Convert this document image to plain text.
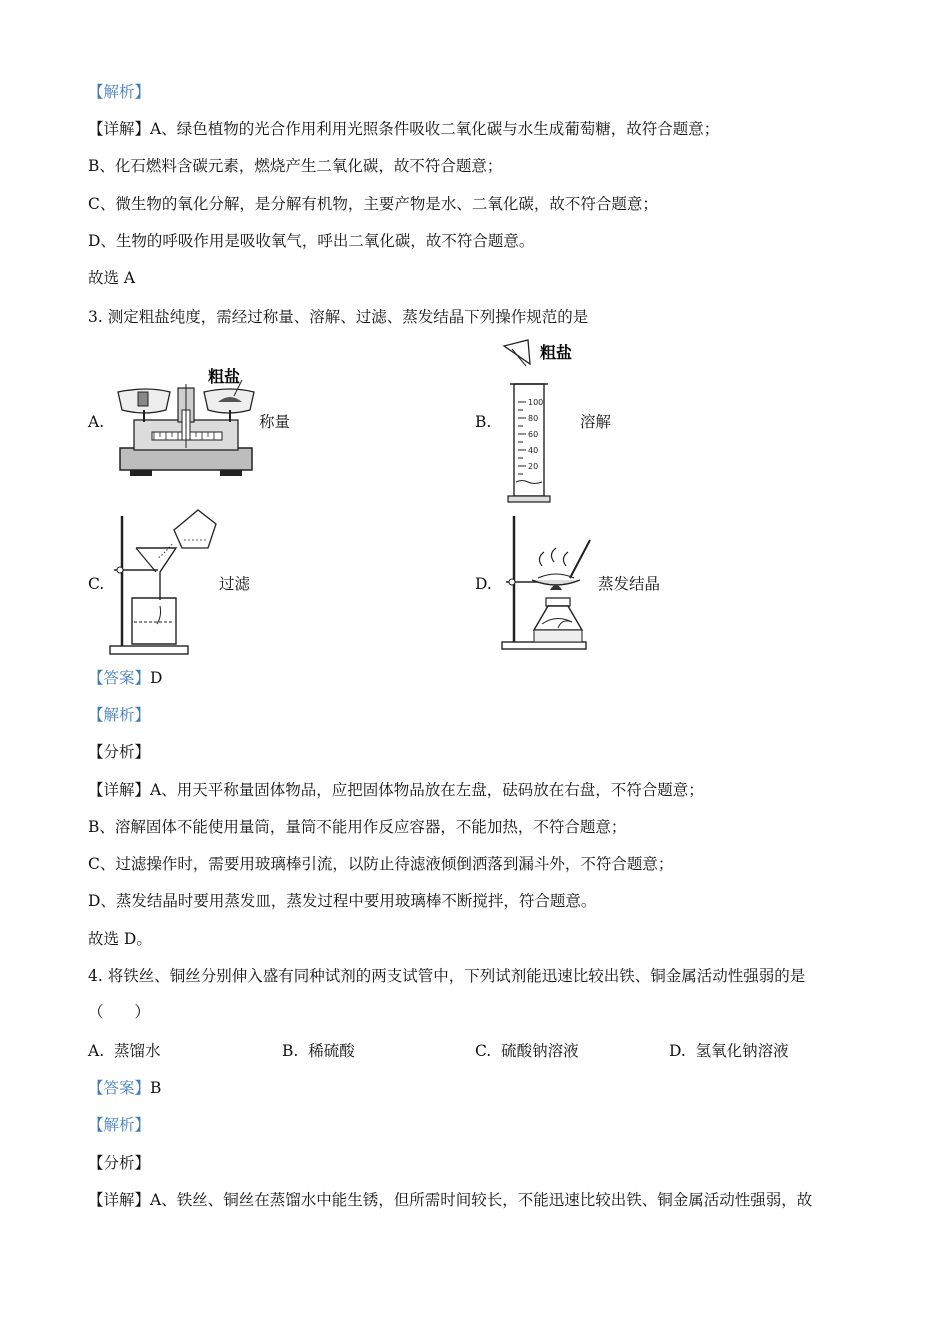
【解析】
【详解】A、绿色植物的光合作用利用光照条件吸收二氧化碳与水生成葡萄糖，故符合题意；
B、化石燃料含碳元素，燃烧产生二氧化碳，故不符合题意；
C、微生物的氧化分解，是分解有机物，主要产物是水、二氧化碳，故不符合题意；
D、生物的呼吸作用是吸收氧气，呼出二氧化碳，故不符合题意。
故选 A
3. 测定粗盐纯度，需经过称量、溶解、过滤、蒸发结晶下列操作规范的是
A.	称量	B.	溶解
C.	过滤	D.	蒸发结晶
粗盐
粗盐
100
80
60
40
20
【答案】D
【解析】
【分析】
【详解】A、用天平称量固体物品，应把固体物品放在左盘，砝码放在右盘，不符合题意；
B、溶解固体不能使用量筒，量筒不能用作反应容器，不能加热，不符合题意；
C、过滤操作时，需要用玻璃棒引流，以防止待滤液倾倒洒落到漏斗外，不符合题意；
D、蒸发结晶时要用蒸发皿，蒸发过程中要用玻璃棒不断搅拌，符合题意。
故选 D。
4. 将铁丝、铜丝分别伸入盛有同种试剂的两支试管中，下列试剂能迅速比较出铁、铜金属活动性强弱的是
（　　）
A. 蒸馏水	B. 稀硫酸	C. 硫酸钠溶液	D. 氢氧化钠溶液
【答案】B
【解析】
【分析】
【详解】A、铁丝、铜丝在蒸馏水中能生锈，但所需时间较长，不能迅速比较出铁、铜金属活动性强弱，故
